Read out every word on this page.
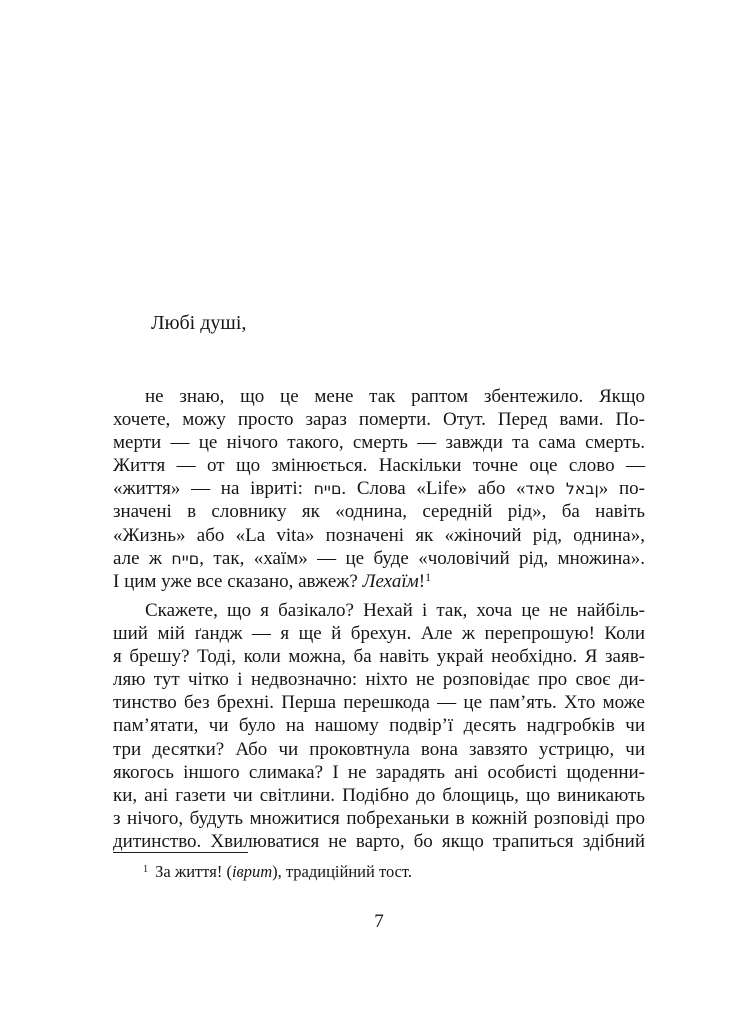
Любі душі,
не знаю, що це мене так раптом збентежило. Якщо
хочете, можу просто зараз померти. Отут. Перед вами. По-
мерти — це нічого такого, смерть — завжди та сама смерть.
Життя — от що змінюється. Наскільки точне оце слово —
«життя» — на івриті: חיים. Слова «Life» або «דאס לאבן» по-
значені в словнику як «однина, середній рід», ба навіть
«Жизнь» або «La vita» позначені як «жіночий рід, однина»,
але ж חיים, так, «хаїм» — це буде «чоловічий рід, множина».
І цим уже все сказано, авжеж? Лехаїм!$^1$
Скажете, що я базікало? Нехай і так, хоча це не найбіль-
ший мій ґандж — я ще й брехун. Але ж перепрошую! Коли
я брешу? Тоді, коли можна, ба навіть украй необхідно. Я заяв-
ляю тут чітко і недвозначно: ніхто не розповідає про своє ди-
тинство без брехні. Перша перешкода — це пам’ять. Хто може
пам’ятати, чи було на нашому подвір’ї десять надгробків чи
три десятки? Або чи проковтнула вона завзято устрицю, чи
якогось іншого слимака? І не зарадять ані особисті щоденни-
ки, ані газети чи світлини. Подібно до блощиць, що виникають
з нічого, будуть множитися побреханьки в кожній розповіді про
дитинство. Хвилюватися не варто, бо якщо трапиться здібний
$^1$ За життя! (іврит), традиційний тост.
7
